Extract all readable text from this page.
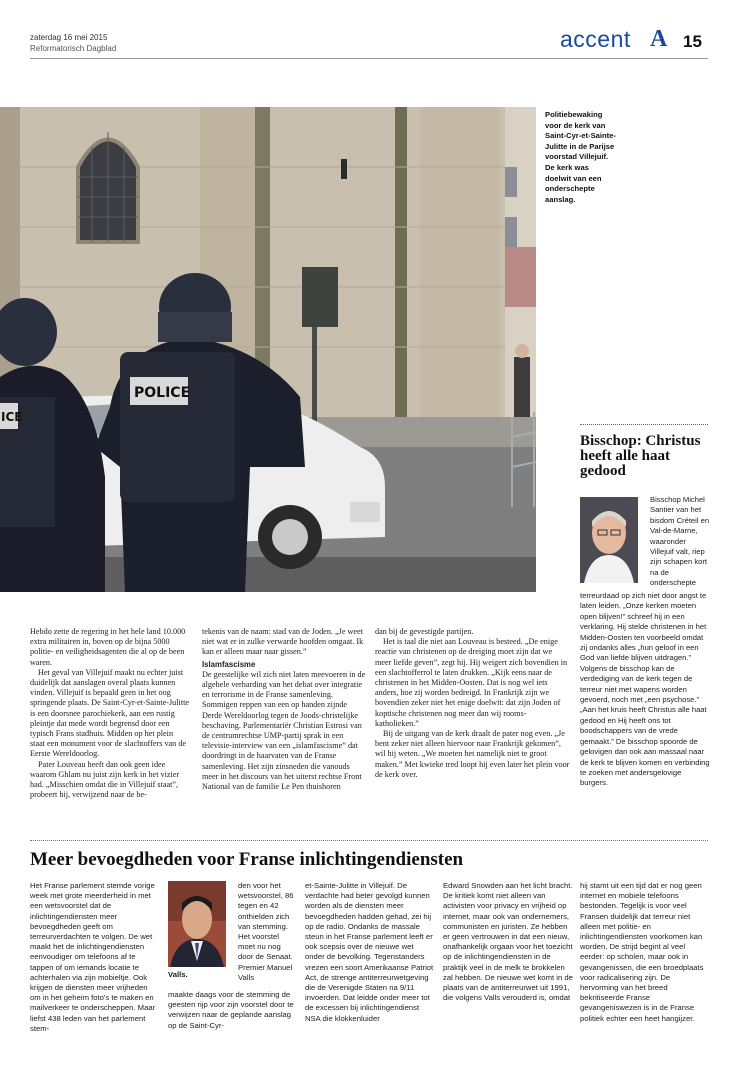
zaterdag 16 mei 2015
Reformatorisch Dagblad	accent A 15
POLICE
ICE
Politiebewaking voor de kerk van Saint-Cyr-et-Sainte-Julitte in de Parijse voorstad Villejuif. De kerk was doelwit van een onderschepte aanslag.
Bisschop: Christus heeft alle haat gedood
Bisschop Michel Santier van het bisdom Créteil en Val-de-Marne, waaronder Villejuif valt, riep zijn schapen kort na de onderschepte
terreurdaad op zich niet door angst te laten leiden. „Onze kerken moeten open blijven!” schreef hij in een verklaring. Hij stelde christenen in het Midden-Oosten ten voorbeeld omdat zij ondanks alles „hun geloof in een God van liefde blijven uitdragen.” Volgens de bisschop kan de verdediging van de kerk tegen de terreur niet met wapens worden gevoerd, noch met „een psychose.” „Aan het kruis heeft Christus alle haat gedood en Hij heeft ons tot boodschappers van de vrede gemaakt.” De bisschop spoorde de gelovigen dan ook aan massaal naar de kerk te blijven komen en verbinding te zoeken met andersgelovige burgers.

Hebdo zette de regering in het hele land 10.000 extra militairen in, boven op de bijna 5000 politie- en veiligheidsagenten die al op de been waren.

Het geval van Villejuif maakt nu echter juist duidelijk dat aanslagen overal plaats kunnen vinden. Villejuif is bepaald geen in het oog springende plaats. De Saint-Cyr-et-Sainte-Julitte is een doorsnee parochiekerk, aan een rustig pleintje dat mede wordt begrensd door een typisch Frans stadhuis. Midden op het plein staat een monument voor de slachtoffers van de Eerste Wereldoorlog.

Pater Louveau heeft dan ook geen idee waarom Ghlam nu juist zijn kerk in het vizier had. „Misschien omdat die in Villejuif staat”, probeert hij, verwijzend naar de be-

tekenis van de naam: stad van de Joden. „Je weet niet wat er in zulke verwarde hoofden omgaat. Ik kan er alleen maar naar gissen.”

Islamfascisme

De geestelijke wil zich niet laten meevoeren in de algehele verharding van het debat over integratie en terrorisme in de Franse samenleving. Sommigen reppen van een op handen zijnde Derde Wereldoorlog tegen de Joods-christelijke beschaving. Parlementariër Christian Estrosi van de centrumrechtse UMP-partij sprak in een televisie-interview van een „islamfascisme” dat doordringt in de haarvaten van de Franse samenleving. Het zijn zinsneden die vanouds meer in het discours van het uiterst rechtse Front National van de familie Le Pen thuishoren

dan bij de gevestigde partijen.

Het is taal die niet aan Louveau is besteed. „De enige reactie van christenen op de dreiging moet zijn dat we meer liefde geven”, zegt hij. Hij weigert zich bovendien in een slachtofferrol te laten drukken. „Kijk eens naar de christenen in het Midden-Oosten. Dat is nog wel iets anders, hoe zij worden bedreigd. In Frankrijk zijn we bovendien zeker niet het enige doelwit: dat zijn Joden of koptische christenen nog meer dan wij rooms-katholieken.”

Bij de uitgang van de kerk draalt de pater nog even. „Je bent zeker niet alleen hiervoor naar Frankrijk gekomen”, wil hij weten. „We moeten het namelijk niet te groot maken.” Met kwieke tred loopt hij even later het plein voor de kerk over.

Meer bevoegdheden voor Franse inlichtingendiensten
Het Franse parlement stemde vorige week met grote meerderheid in met een wetsvoorstel dat de inlichtingendiensten meer bevoegdheden geeft om terreurverdachten te volgen. De wet maakt het de inlichtingendiensten eenvoudiger om telefoons af te tappen of om iemands locatie te achterhalen via zijn mobieltje. Ook krijgen de diensten meer vrijheden om in het geheim foto's te maken en mailverkeer te onderscheppen. Maar liefst 438 leden van het parlement stem-
Valls.
den voor het wetsvoorstel, 86 tegen en 42 onthielden zich van stemming. Het voorstel moet nu nog door de Senaat. Premier Manuel Valls
maakte daags voor de stemming de geesten rijp voor zijn voorstel door te verwijzen naar de geplande aanslag op de Saint-Cyr-
et-Sainte-Julitte in Villejuif. De verdachte had beter gevolgd kunnen worden als de diensten meer bevoegdheden hadden gehad, zei hij op de radio. Ondanks de massale steun in het Franse parlement leeft er ook scepsis over de nieuwe wet onder de bevolking. Tegenstanders vrezen een soort Amerikaanse Patriot Act, de strenge antiterreurwetgeving die de Verenigde Staten na 9/11 invoerden. Dat leidde onder meer tot de excessen bij inlichtingendienst NSA die klokkenluider
Edward Snowden aan het licht bracht. De kritiek komt niet alleen van activisten voor privacy en vrijheid op internet, maar ook van ondernemers, communisten en juristen. Ze hebben er geen vertrouwen in dat een nieuw, onafhankelijk orgaan voor het toezicht op de inlichtingendiensten in de praktijk veel in de melk te brokkelen zal hebben. De nieuwe wet komt in de plaats van de antiterreurwet uit 1991, die volgens Valls verouderd is, omdat
hij stamt uit een tijd dat er nog geen internet en mobiele telefoons bestonden. Tegelijk is voor veel Fransen duidelijk dat terreur niet alleen met politie- en inlichtingendiensten voorkomen kan worden. De strijd begint al veel eerder: op scholen, maar ook in gevangenissen, die een broedplaats voor radicalisering zijn. De hervorming van het breed bekritiseerde Franse gevangeniswezen is in de Franse politiek echter een heet hangijzer.
